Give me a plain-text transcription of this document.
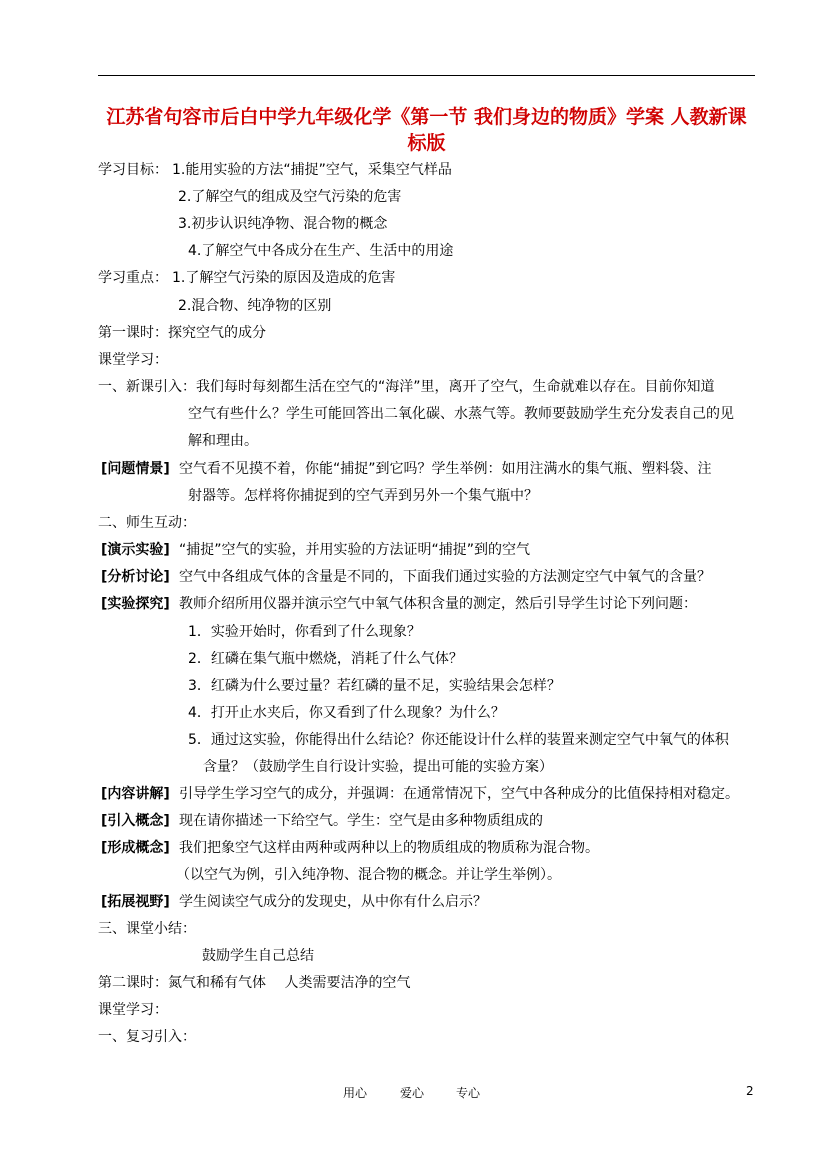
江苏省句容市后白中学九年级化学《第一节 我们身边的物质》学案 人教新课
标版
学习目标： 1.能用实验的方法“捕捉”空气，采集空气样品
2.了解空气的组成及空气污染的危害
3.初步认识纯净物、混合物的概念
4.了解空气中各成分在生产、生活中的用途
学习重点： 1.了解空气污染的原因及造成的危害
2.混合物、纯净物的区别
第一课时：探究空气的成分
课堂学习：
一、新课引入：我们每时每刻都生活在空气的“海洋”里，离开了空气，生命就难以存在。目前你知道
空气有些什么？学生可能回答出二氧化碳、水蒸气等。教师要鼓励学生充分发表自己的见
解和理由。
[问题情景] 空气看不见摸不着，你能“捕捉”到它吗？学生举例：如用注满水的集气瓶、塑料袋、注
射器等。怎样将你捕捉到的空气弄到另外一个集气瓶中？
二、师生互动：
[演示实验] “捕捉”空气的实验，并用实验的方法证明“捕捉”到的空气
[分析讨论] 空气中各组成气体的含量是不同的，下面我们通过实验的方法测定空气中氧气的含量？
[实验探究] 教师介绍所用仪器并演示空气中氧气体积含量的测定，然后引导学生讨论下列问题：
1．实验开始时，你看到了什么现象？
2．红磷在集气瓶中燃烧，消耗了什么气体？
3．红磷为什么要过量？若红磷的量不足，实验结果会怎样？
4．打开止水夹后，你又看到了什么现象？为什么？
5．通过这实验，你能得出什么结论？你还能设计什么样的装置来测定空气中氧气的体积
含量？（鼓励学生自行设计实验，提出可能的实验方案）
[内容讲解] 引导学生学习空气的成分，并强调：在通常情况下，空气中各种成分的比值保持相对稳定。
[引入概念] 现在请你描述一下给空气。学生：空气是由多种物质组成的
[形成概念] 我们把象空气这样由两种或两种以上的物质组成的物质称为混合物。
（以空气为例，引入纯净物、混合物的概念。并让学生举例）。
[拓展视野] 学生阅读空气成分的发现史，从中你有什么启示？
三、课堂小结：
鼓励学生自己总结
第二课时：氮气和稀有气体　 人类需要洁净的空气
课堂学习：
一、复习引入：
用心	爱心	专心	2
